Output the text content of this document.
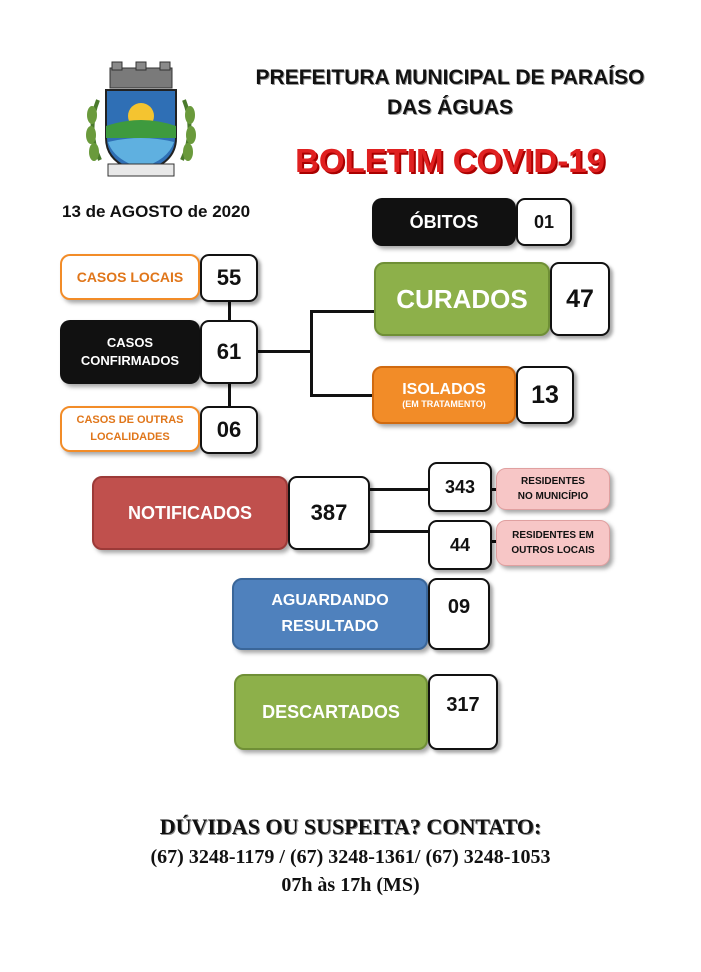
PREFEITURA MUNICIPAL DE PARAÍSO
DAS ÁGUAS
BOLETIM COVID-19
13 de AGOSTO de 2020	ÓBITOS	01
CASOS LOCAIS	55
CASOS
CONFIRMADOS	61
CASOS DE OUTRAS
LOCALIDADES	06
CURADOS	47
ISOLADOS
(EM TRATAMENTO)	13
NOTIFICADOS	387
343	RESIDENTES
NO MUNICÍPIO
44	RESIDENTES EM
OUTROS LOCAIS
AGUARDANDO
RESULTADO
09
DESCARTADOS	317
DÚVIDAS OU SUSPEITA? CONTATO:
(67) 3248-1179 / (67) 3248-1361/ (67) 3248-1053
07h às 17h (MS)
